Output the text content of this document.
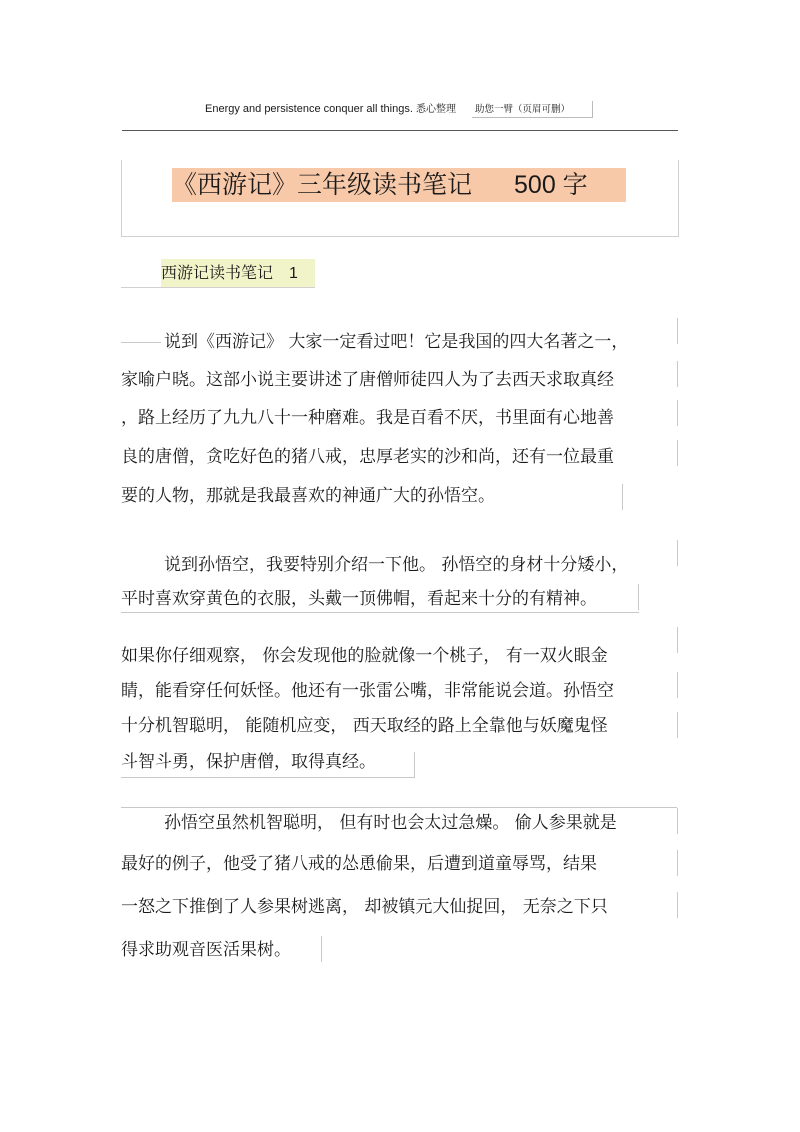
Energy and persistence conquer all things. 悉心整理 助您一臂（页眉可删）
《西游记》三年级读书笔记 500 字
西游记读书笔记 1
说到《西游记》 大家一定看过吧！它是我国的四大名著之一，
家喻户晓。这部小说主要讲述了唐僧师徒四人为了去西天求取真经
，路上经历了九九八十一种磨难。我是百看不厌，书里面有心地善
良的唐僧，贪吃好色的猪八戒，忠厚老实的沙和尚，还有一位最重
要的人物，那就是我最喜欢的神通广大的孙悟空。
说到孙悟空，我要特别介绍一下他。 孙悟空的身材十分矮小，
平时喜欢穿黄色的衣服，头戴一顶佛帽，看起来十分的有精神。
如果你仔细观察， 你会发现他的脸就像一个桃子， 有一双火眼金
睛，能看穿任何妖怪。他还有一张雷公嘴，非常能说会道。孙悟空
十分机智聪明， 能随机应变， 西天取经的路上全靠他与妖魔鬼怪
斗智斗勇，保护唐僧，取得真经。
孙悟空虽然机智聪明， 但有时也会太过急燥。 偷人参果就是
最好的例子，他受了猪八戒的怂恿偷果，后遭到道童辱骂，结果
一怒之下推倒了人参果树逃离， 却被镇元大仙捉回， 无奈之下只
得求助观音医活果树。
